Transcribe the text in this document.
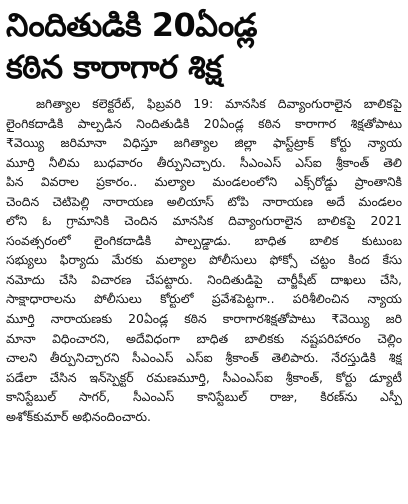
నిందితుడికి 20ఏండ్ల
కఠిన కారాగార శిక్ష
జగిత్యాల కలెక్టరేట్, ఫిబ్రవరి 19: మానసిక దివ్యాంగురాలైన బాలికపై
లైంగికదాడికి పాల్పడిన నిందితుడికి 20ఏండ్ల కఠిన కారాగార శిక్షతోపాటు
₹వెయ్యి జరిమానా విధిస్తూ జగిత్యాల జిల్లా ఫాస్ట్‌ట్రాక్ కోర్టు న్యాయ
మూర్తి నీలిమ బుధవారం తీర్పునిచ్చారు. సీఎంఎస్ ఎస్ఐ శ్రీకాంత్ తెలి
పిన వివరాల ప్రకారం.. మల్యాల మండలంలోని ఎక్స్‌రోడ్డు ప్రాంతానికి
చెందిన చెటిపెల్లి నారాయణ అలియాస్ టోపి నారాయణ అదే మండలం
లోని ఓ గ్రామానికి చెందిన మానసిక దివ్యాంగురాలైన బాలికపై 2021
సంవత్సరంలో లైంగికదాడికి పాల్పడ్డాడు. బాధిత బాలిక కుటుంబ
సభ్యులు ఫిర్యాదు మేరకు మల్యాల పోలీసులు ఫోక్సో చట్టం కింద కేసు
నమోదు చేసి విచారణ చేపట్టారు. నిందితుడిపై చార్జీషీట్ దాఖలు చేసి,
సాక్షాధారాలను పోలీసులు కోర్టులో ప్రవేశపెట్టగా.. పరిశీలించిన న్యాయ
మూర్తి నారాయణకు 20ఏండ్ల కఠిన కారాగారశిక్షతోపాటు ₹వెయ్యి జరి
మానా విధించారని, అదేవిధంగా బాధిత బాలికకు నష్టపరిహారం చెల్లిం
చాలని తీర్పునిచ్చారని సీఎంఎస్ ఎస్ఐ శ్రీకాంత్ తెలిపారు. నేరస్తుడికి శిక్ష
పడేలా చేసిన ఇన్‌స్పెక్టర్ రమణమూర్తి, సీఎంఎస్ఐ శ్రీకాంత్, కోర్టు డ్యూటీ
కానిస్టేబుల్ సాగర్, సీఎంఎస్ కానిస్టేబుల్ రాజు, కిరణ్‌ను ఎస్పీ
అశోక్‌కుమార్ అభినందించారు.
